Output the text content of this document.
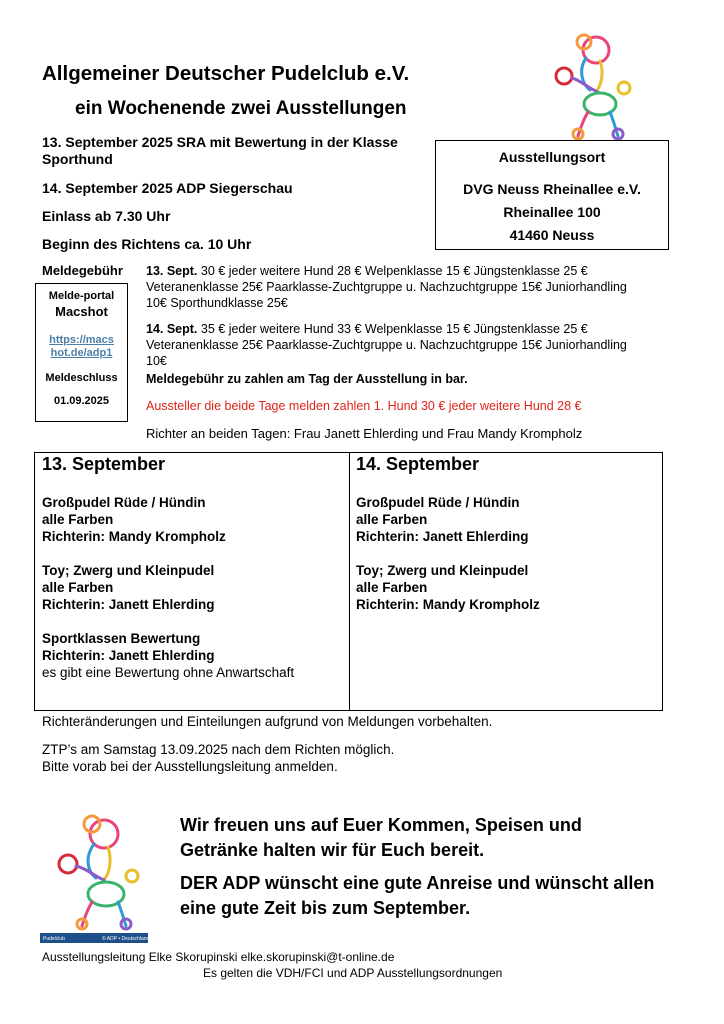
Allgemeiner Deutscher Pudelclub e.V.
ein Wochenende zwei Ausstellungen
13. September 2025 SRA mit Bewertung in der Klasse Sporthund
14. September 2025 ADP Siegerschau
Einlass ab 7.30 Uhr
Beginn des Richtens ca. 10 Uhr
Ausstellungsort
DVG Neuss Rheinallee e.V.
Rheinallee 100
41460 Neuss
Meldegebühr 13. Sept. 30 € jeder weitere Hund 28 € Welpenklasse 15 € Jüngstenklasse 25 € Veteranenklasse 25€ Paarklasse-Zuchtgruppe u. Nachzuchtgruppe 15€ Juniorhandling 10€ Sporthundklasse 25€
14. Sept. 35 € jeder weitere Hund 33 € Welpenklasse 15 € Jüngstenklasse 25 € Veteranenklasse 25€ Paarklasse-Zuchtgruppe u. Nachzuchtgruppe 15€ Juniorhandling 10€
Melde-portal
Macshot
https://macshot.de/adp1
Meldeschluss
01.09.2025
Meldegebühr zu zahlen am Tag der Ausstellung in bar.
Aussteller die beide Tage melden zahlen 1. Hund 30 € jeder weitere Hund 28 €
Richter an beiden Tagen: Frau Janett Ehlerding und Frau Mandy Krompholz
13. September
Großpudel Rüde / Hündin
alle Farben
Richterin: Mandy Krompholz
Toy; Zwerg und Kleinpudel
alle Farben
Richterin: Janett Ehlerding
Sportklassen Bewertung
Richterin: Janett Ehlerding
es gibt eine Bewertung ohne Anwartschaft
14. September
Großpudel Rüde / Hündin
alle Farben
Richterin: Janett Ehlerding
Toy; Zwerg und Kleinpudel
alle Farben
Richterin: Mandy Krompholz
Richteränderungen und Einteilungen aufgrund von Meldungen vorbehalten.
ZTP’s am Samstag 13.09.2025 nach dem Richten möglich.
Bitte vorab bei der Ausstellungsleitung anmelden.
Pudelclub	© ADP • Deutschland
Wir freuen uns auf Euer Kommen, Speisen und Getränke halten wir für Euch bereit.
DER ADP wünscht eine gute Anreise und wünscht allen eine gute Zeit bis zum September.
Ausstellungsleitung Elke Skorupinski elke.skorupinski@t-online.de
Es gelten die VDH/FCI und ADP Ausstellungsordnungen
